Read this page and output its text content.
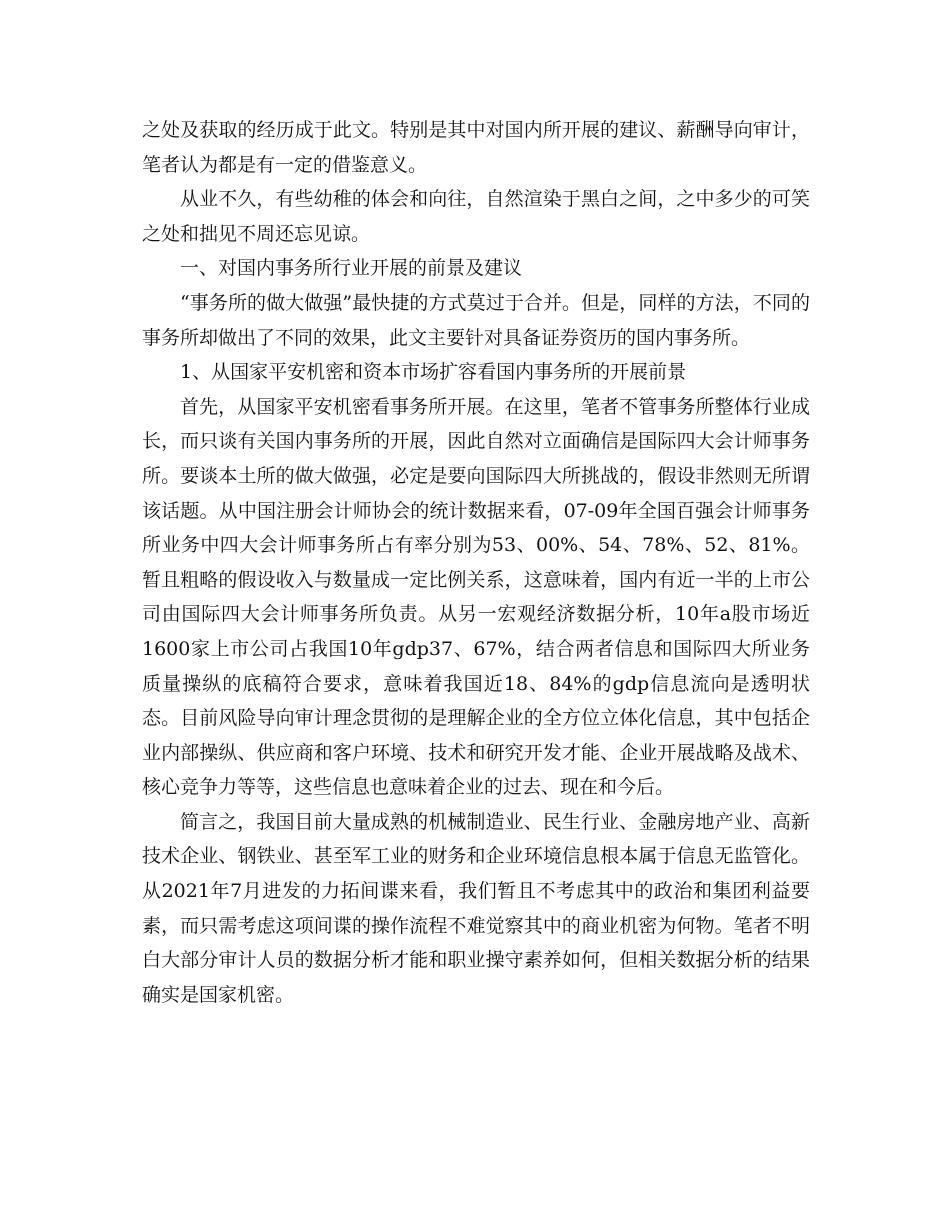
之处及获取的经历成于此文。特别是其中对国内所开展的建议、薪酬导向审计，笔者认为都是有一定的借鉴意义。

从业不久，有些幼稚的体会和向往，自然渲染于黑白之间，之中多少的可笑之处和拙见不周还忘见谅。

一、对国内事务所行业开展的前景及建议

“事务所的做大做强”最快捷的方式莫过于合并。但是，同样的方法，不同的事务所却做出了不同的效果，此文主要针对具备证券资历的国内事务所。

1、从国家平安机密和资本市场扩容看国内事务所的开展前景

首先，从国家平安机密看事务所开展。在这里，笔者不管事务所整体行业成长，而只谈有关国内事务所的开展，因此自然对立面确信是国际四大会计师事务所。要谈本土所的做大做强，必定是要向国际四大所挑战的，假设非然则无所谓该话题。从中国注册会计师协会的统计数据来看，07-09年全国百强会计师事务所业务中四大会计师事务所占有率分别为53、00%、54、78%、52、81%。暂且粗略的假设收入与数量成一定比例关系，这意味着，国内有近一半的上市公司由国际四大会计师事务所负责。从另一宏观经济数据分析，10年a股市场近1600家上市公司占我国10年gdp37、67%，结合两者信息和国际四大所业务质量操纵的底稿符合要求，意味着我国近18、84%的gdp信息流向是透明状态。目前风险导向审计理念贯彻的是理解企业的全方位立体化信息，其中包括企业内部操纵、供应商和客户环境、技术和研究开发才能、企业开展战略及战术、核心竞争力等等，这些信息也意味着企业的过去、现在和今后。

简言之，我国目前大量成熟的机械制造业、民生行业、金融房地产业、高新技术企业、钢铁业、甚至军工业的财务和企业环境信息根本属于信息无监管化。从2021年7月进发的力拓间谍来看，我们暂且不考虑其中的政治和集团利益要素，而只需考虑这项间谍的操作流程不难觉察其中的商业机密为何物。笔者不明白大部分审计人员的数据分析才能和职业操守素养如何，但相关数据分析的结果确实是国家机密。
